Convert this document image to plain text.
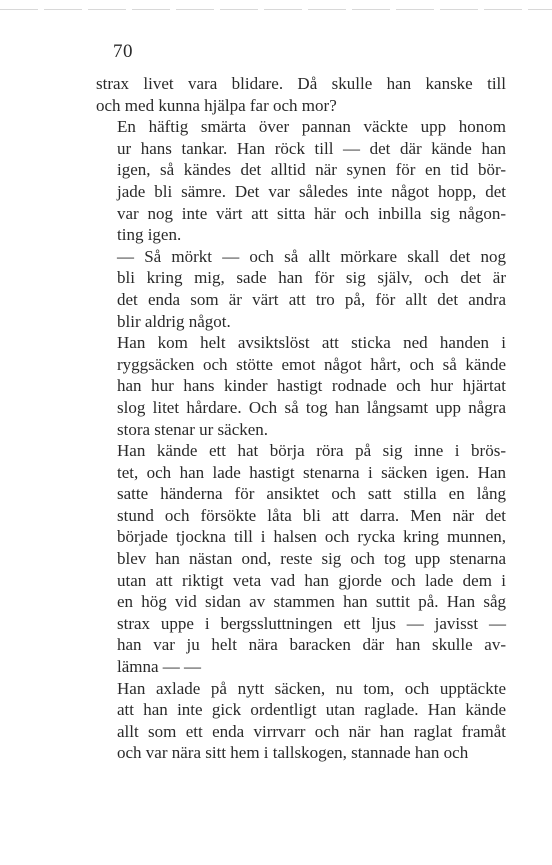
70

strax livet vara blidare. Då skulle han kanske till
och med kunna hjälpa far och mor?

En häftig smärta över pannan väckte upp honom
ur hans tankar. Han röck till — det där kände han
igen, så kändes det alltid när synen för en tid bör-
jade bli sämre. Det var således inte något hopp, det
var nog inte värt att sitta här och inbilla sig någon-
ting igen.

— Så mörkt — och så allt mörkare skall det nog
bli kring mig, sade han för sig själv, och det är
det enda som är värt att tro på, för allt det andra
blir aldrig något.

Han kom helt avsiktslöst att sticka ned handen i
ryggsäcken och stötte emot något hårt, och så kände
han hur hans kinder hastigt rodnade och hur hjärtat
slog litet hårdare. Och så tog han långsamt upp några
stora stenar ur säcken.

Han kände ett hat börja röra på sig inne i brös-
tet, och han lade hastigt stenarna i säcken igen. Han
satte händerna för ansiktet och satt stilla en lång
stund och försökte låta bli att darra. Men när det
började tjockna till i halsen och rycka kring munnen,
blev han nästan ond, reste sig och tog upp stenarna
utan att riktigt veta vad han gjorde och lade dem i
en hög vid sidan av stammen han suttit på. Han såg
strax uppe i bergssluttningen ett ljus — javisst —
han var ju helt nära baracken där han skulle av-
lämna — —

Han axlade på nytt säcken, nu tom, och upptäckte
att han inte gick ordentligt utan raglade. Han kände
allt som ett enda virrvarr och när han raglat framåt
och var nära sitt hem i tallskogen, stannade han och
